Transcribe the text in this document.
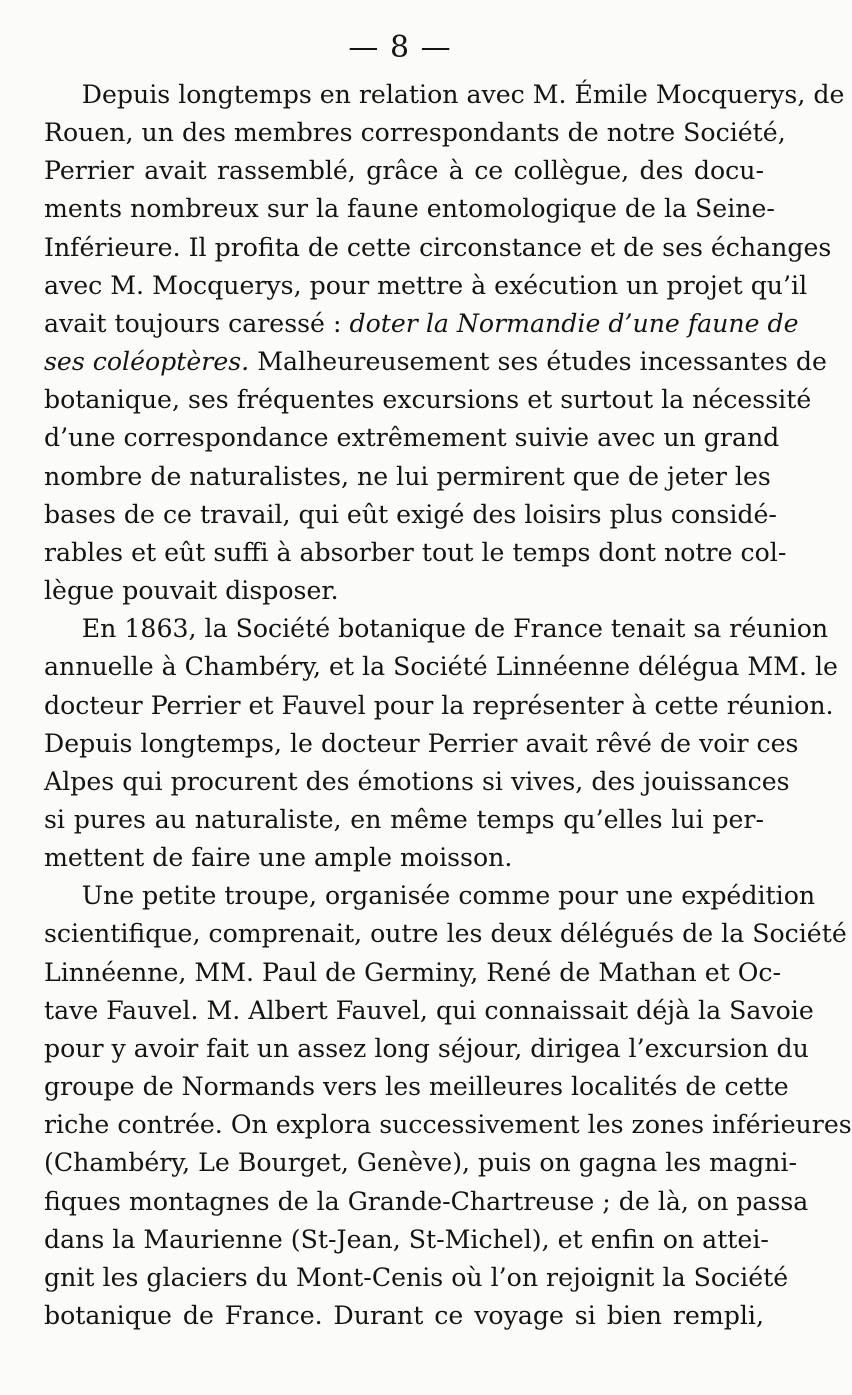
— 8 —
  Depuis longtemps en relation avec M. Émile Mocquerys, de
Rouen, un des membres correspondants de notre Société,
Perrier avait rassemblé, grâce à ce collègue, des docu-
ments nombreux sur la faune entomologique de la Seine-
Inférieure. Il profita de cette circonstance et de ses échanges
avec M. Mocquerys, pour mettre à exécution un projet qu’il
avait toujours caressé : doter la Normandie d’une faune de
ses coléoptères. Malheureusement ses études incessantes de
botanique, ses fréquentes excursions et surtout la nécessité
d’une correspondance extrêmement suivie avec un grand
nombre de naturalistes, ne lui permirent que de jeter les
bases de ce travail, qui eût exigé des loisirs plus considé-
rables et eût suffi à absorber tout le temps dont notre col-
lègue pouvait disposer.
  En 1863, la Société botanique de France tenait sa réunion
annuelle à Chambéry, et la Société Linnéenne délégua MM. le
docteur Perrier et Fauvel pour la représenter à cette réunion.
Depuis longtemps, le docteur Perrier avait rêvé de voir ces
Alpes qui procurent des émotions si vives, des jouissances
si pures au naturaliste, en même temps qu’elles lui per-
mettent de faire une ample moisson.
  Une petite troupe, organisée comme pour une expédition
scientifique, comprenait, outre les deux délégués de la Société
Linnéenne, MM. Paul de Germiny, René de Mathan et Oc-
tave Fauvel. M. Albert Fauvel, qui connaissait déjà la Savoie
pour y avoir fait un assez long séjour, dirigea l’excursion du
groupe de Normands vers les meilleures localités de cette
riche contrée. On explora successivement les zones inférieures
(Chambéry, Le Bourget, Genève), puis on gagna les magni-
fiques montagnes de la Grande-Chartreuse ; de là, on passa
dans la Maurienne (St-Jean, St-Michel), et enfin on attei-
gnit les glaciers du Mont-Cenis où l’on rejoignit la Société
botanique de France. Durant ce voyage si bien rempli,
